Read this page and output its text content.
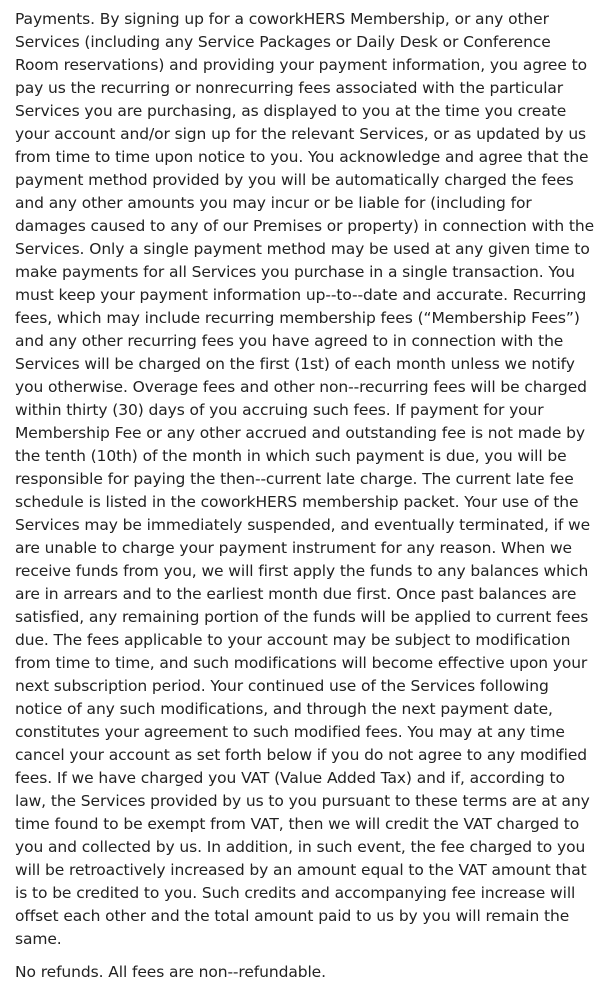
Payments. By signing up for a coworkHERS Membership, or any other Services (including any Service Packages or Daily Desk or Conference Room reservations) and providing your payment information, you agree to pay us the recurring or nonrecurring fees associated with the particular Services you are purchasing, as displayed to you at the time you create your account and/or sign up for the relevant Services, or as updated by us from time to time upon notice to you. You acknowledge and agree that the payment method provided by you will be automatically charged the fees and any other amounts you may incur or be liable for (including for damages caused to any of our Premises or property) in connection with the Services. Only a single payment method may be used at any given time to make payments for all Services you purchase in a single transaction. You must keep your payment information up--to--date and accurate. Recurring fees, which may include recurring membership fees (“Membership Fees”) and any other recurring fees you have agreed to in connection with the Services will be charged on the first (1st) of each month unless we notify you otherwise. Overage fees and other non--recurring fees will be charged within thirty (30) days of you accruing such fees. If payment for your Membership Fee or any other accrued and outstanding fee is not made by the tenth (10th) of the month in which such payment is due, you will be responsible for paying the then--current late charge. The current late fee schedule is listed in the coworkHERS membership packet. Your use of the Services may be immediately suspended, and eventually terminated, if we are unable to charge your payment instrument for any reason. When we receive funds from you, we will first apply the funds to any balances which are in arrears and to the earliest month due first. Once past balances are satisfied, any remaining portion of the funds will be applied to current fees due. The fees applicable to your account may be subject to modification from time to time, and such modifications will become effective upon your next subscription period. Your continued use of the Services following notice of any such modifications, and through the next payment date, constitutes your agreement to such modified fees. You may at any time cancel your account as set forth below if you do not agree to any modified fees. If we have charged you VAT (Value Added Tax) and if, according to law, the Services provided by us to you pursuant to these terms are at any time found to be exempt from VAT, then we will credit the VAT charged to you and collected by us. In addition, in such event, the fee charged to you will be retroactively increased by an amount equal to the VAT amount that is to be credited to you. Such credits and accompanying fee increase will offset each other and the total amount paid to us by you will remain the same.

No refunds. All fees are non--refundable.
